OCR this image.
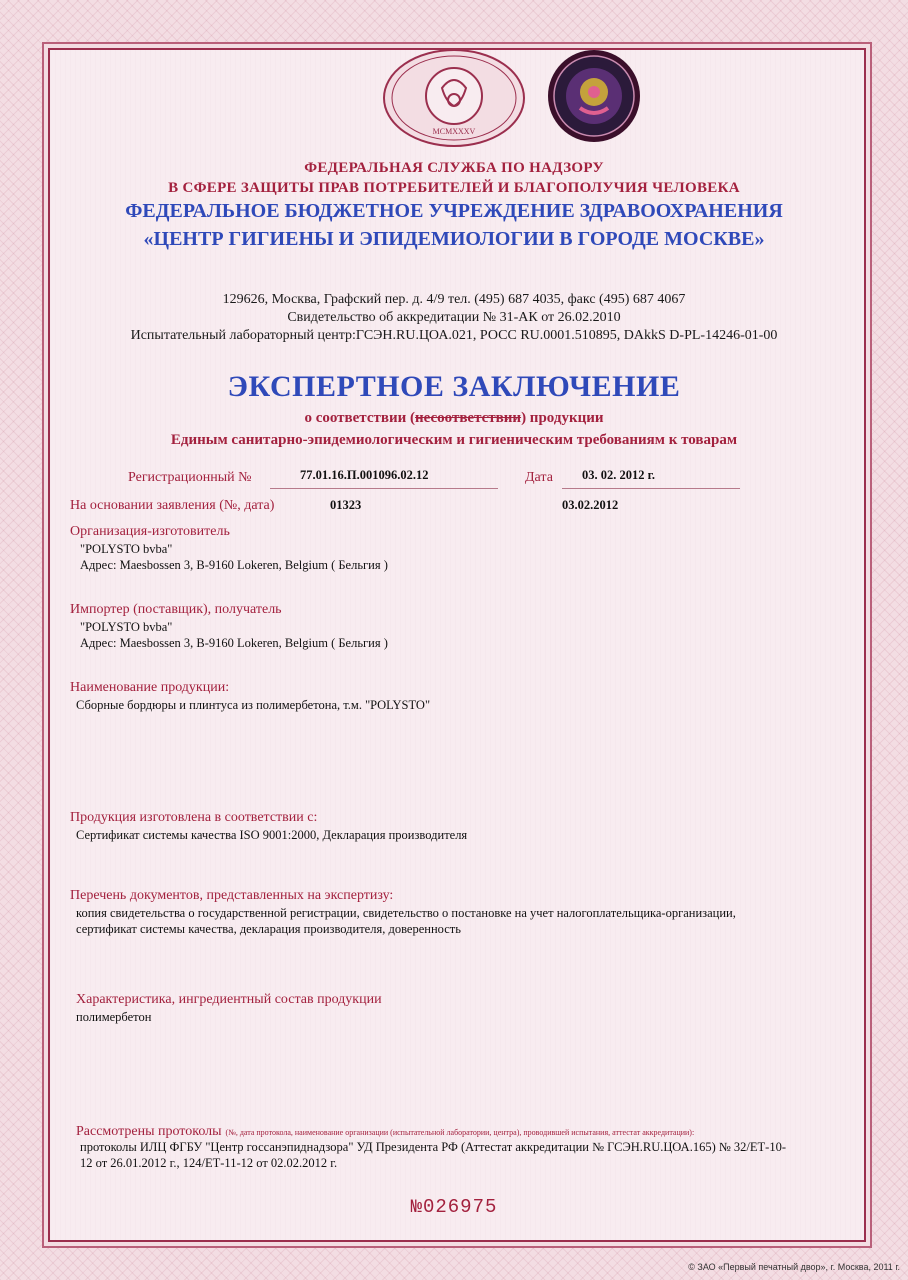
MCMXXXV
ФЕДЕРАЛЬНАЯ СЛУЖБА ПО НАДЗОРУ
В СФЕРЕ ЗАЩИТЫ ПРАВ ПОТРЕБИТЕЛЕЙ И БЛАГОПОЛУЧИЯ ЧЕЛОВЕКА
ФЕДЕРАЛЬНОЕ БЮДЖЕТНОЕ УЧРЕЖДЕНИЕ ЗДРАВООХРАНЕНИЯ
«ЦЕНТР ГИГИЕНЫ И ЭПИДЕМИОЛОГИИ В ГОРОДЕ МОСКВЕ»
129626, Москва, Графский пер. д. 4/9 тел. (495) 687 4035, факс (495) 687 4067
Свидетельство об аккредитации № 31-АК от 26.02.2010
Испытательный лабораторный центр:ГСЭН.RU.ЦОА.021, РОСС RU.0001.510895, DAkkS D-PL-14246-01-00
ЭКСПЕРТНОЕ ЗАКЛЮЧЕНИЕ
о соответствии (несоответствии) продукции
Единым санитарно-эпидемиологическим и гигиеническим требованиям к товарам
Регистрационный №	77.01.16.П.001096.02.12	Дата 03. 02. 2012 г.
На основании заявления (№, дата)	01323	03.02.2012
Организация-изготовитель
"POLYSTO bvba"
Адрес: Maesbossen 3, B-9160 Lokeren, Belgium ( Бельгия )
Импортер (поставщик), получатель
"POLYSTO bvba"
Адрес: Maesbossen 3, B-9160 Lokeren, Belgium ( Бельгия )
Наименование продукции:
Сборные бордюры и плинтуса из полимербетона, т.м. "POLYSTO"
Продукция изготовлена в соответствии с:
Сертификат системы качества ISO 9001:2000, Декларация производителя
Перечень документов, представленных на экспертизу:
копия свидетельства о государственной регистрации, свидетельство о постановке на учет налогоплательщика-организации,
сертификат системы качества, декларация производителя, доверенность
Характеристика, ингредиентный состав продукции
полимербетон
Рассмотрены протоколы (№, дата протокола, наименование организации (испытательной лаборатории, центра), проводившей испытания, аттестат аккредитации):
протоколы ИЛЦ ФГБУ "Центр госсанэпиднадзора" УД Президента РФ (Аттестат аккредитации № ГСЭН.RU.ЦОА.165) № 32/ЕТ-10-
12 от 26.01.2012 г., 124/ЕТ-11-12 от 02.02.2012 г.
№026975
© ЗАО «Первый печатный двор», г. Москва, 2011 г.
